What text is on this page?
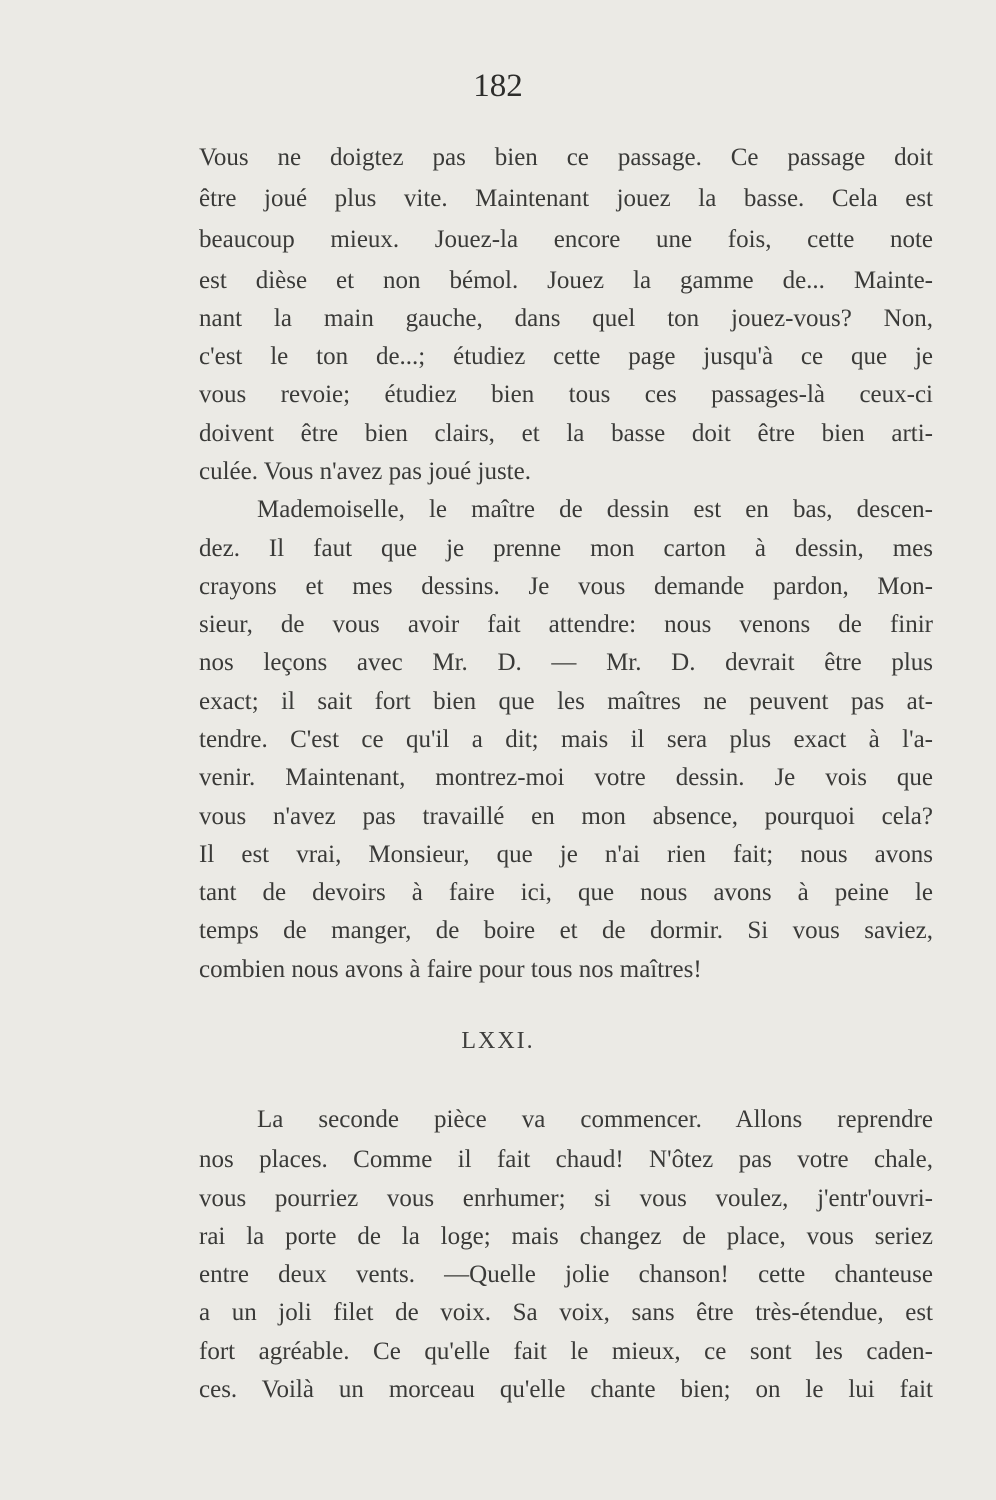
182
Vous ne doigtez pas bien ce passage. Ce passage doit
être joué plus vite. Maintenant jouez la basse. Cela est
beaucoup mieux. Jouez-la encore une fois, cette note
est dièse et non bémol. Jouez la gamme de... Mainte-
nant la main gauche, dans quel ton jouez-vous? Non,
c'est le ton de...; étudiez cette page jusqu'à ce que je
vous revoie; étudiez bien tous ces passages-là ceux-ci
doivent être bien clairs, et la basse doit être bien arti-
culée. Vous n'avez pas joué juste.
Mademoiselle, le maître de dessin est en bas, descen-
dez. Il faut que je prenne mon carton à dessin, mes
crayons et mes dessins. Je vous demande pardon, Mon-
sieur, de vous avoir fait attendre: nous venons de finir
nos leçons avec Mr. D. — Mr. D. devrait être plus
exact; il sait fort bien que les maîtres ne peuvent pas at-
tendre. C'est ce qu'il a dit; mais il sera plus exact à l'a-
venir. Maintenant, montrez-moi votre dessin. Je vois que
vous n'avez pas travaillé en mon absence, pourquoi cela?
Il est vrai, Monsieur, que je n'ai rien fait; nous avons
tant de devoirs à faire ici, que nous avons à peine le
temps de manger, de boire et de dormir. Si vous saviez,
combien nous avons à faire pour tous nos maîtres!
LXXI.
La seconde pièce va commencer. Allons reprendre
nos places. Comme il fait chaud! N'ôtez pas votre chale,
vous pourriez vous enrhumer; si vous voulez, j'entr'ouvri-
rai la porte de la loge; mais changez de place, vous seriez
entre deux vents. —Quelle jolie chanson! cette chanteuse
a un joli filet de voix. Sa voix, sans être très-étendue, est
fort agréable. Ce qu'elle fait le mieux, ce sont les caden-
ces. Voilà un morceau qu'elle chante bien; on le lui fait
